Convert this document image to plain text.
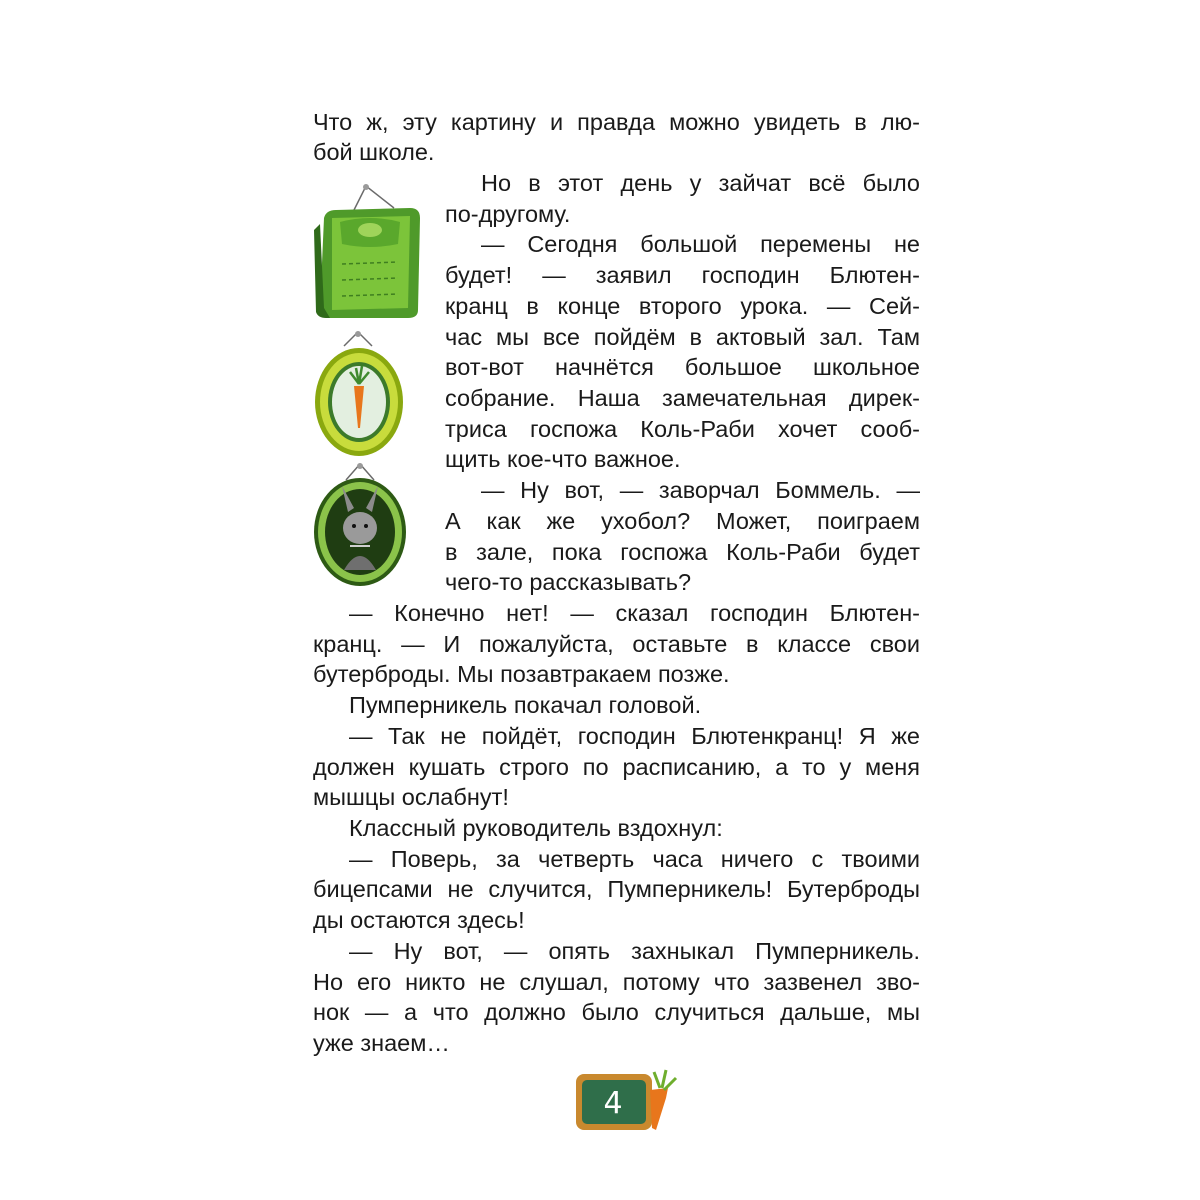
Что ж, эту картину и правда можно увидеть в лю-

бой школе.

Но в этот день у зайчат всё было

по-другому.

— Сегодня большой перемены не

будет! — заявил господин Блютен-

кранц в конце второго урока. — Сей-

час мы все пойдём в актовый зал. Там

вот-вот начнётся большое школьное

собрание. Наша замечательная дирек-

триса госпожа Коль-Раби хочет сооб-

щить кое-что важное.

— Ну вот, — заворчал Боммель. —

А как же ухобол? Может, поиграем

в зале, пока госпожа Коль-Раби будет

чего-то рассказывать?

— Конечно нет! — сказал господин Блютен-

кранц. — И пожалуйста, оставьте в классе свои

бутерброды. Мы позавтракаем позже.

Пумперникель покачал головой.

— Так не пойдёт, господин Блютенкранц! Я же

должен кушать строго по расписанию, а то у меня

мышцы ослабнут!

Классный руководитель вздохнул:

— Поверь, за четверть часа ничего с твоими

бицепсами не случится, Пумперникель! Бутерброды

ды остаются здесь!

— Ну вот, — опять захныкал Пумперникель.

Но его никто не слушал, потому что зазвенел зво-

нок — а что должно было случиться дальше, мы

уже знаем…

4
